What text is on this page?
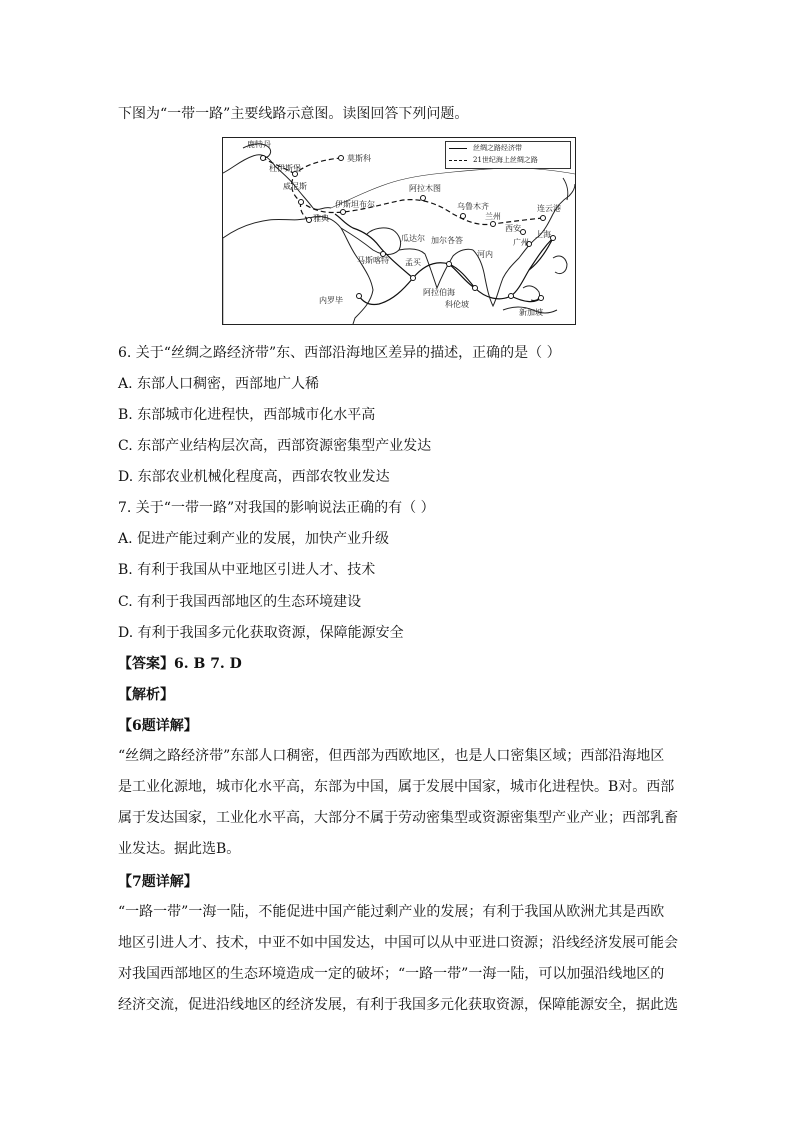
下图为“一带一路”主要线路示意图。读图回答下列问题。
丝绸之路经济带
21世纪海上丝绸之路
鹿特丹
莫斯科
杜伊斯堡
威尼斯
伊斯坦布尔
雅典
阿拉木图
乌鲁木齐
兰州
连云港
西安
上海
广州
河内
加尔各答
瓜达尔
马斯喀特 孟买
阿拉伯海
科伦坡
内罗毕
新加坡
6. 关于“丝绸之路经济带”东、西部沿海地区差异的描述，正确的是（ ）
A. 东部人口稠密，西部地广人稀
B. 东部城市化进程快，西部城市化水平高
C. 东部产业结构层次高，西部资源密集型产业发达
D. 东部农业机械化程度高，西部农牧业发达
7. 关于“一带一路”对我国的影响说法正确的有（ ）
A. 促进产能过剩产业的发展，加快产业升级
B. 有利于我国从中亚地区引进人才、技术
C. 有利于我国西部地区的生态环境建设
D. 有利于我国多元化获取资源，保障能源安全
【答案】6. B 7. D
【解析】
【6题详解】
“丝绸之路经济带”东部人口稠密，但西部为西欧地区，也是人口密集区域；西部沿海地区是工业化源地，城市化水平高，东部为中国，属于发展中国家，城市化进程快。B对。西部属于发达国家，工业化水平高，大部分不属于劳动密集型或资源密集型产业产业；西部乳畜业发达。据此选B。
【7题详解】
“一路一带”一海一陆，不能促进中国产能过剩产业的发展；有利于我国从欧洲尤其是西欧地区引进人才、技术，中亚不如中国发达，中国可以从中亚进口资源；沿线经济发展可能会对我国西部地区的生态环境造成一定的破坏；“一路一带”一海一陆，可以加强沿线地区的经济交流，促进沿线地区的经济发展，有利于我国多元化获取资源，保障能源安全，据此选
